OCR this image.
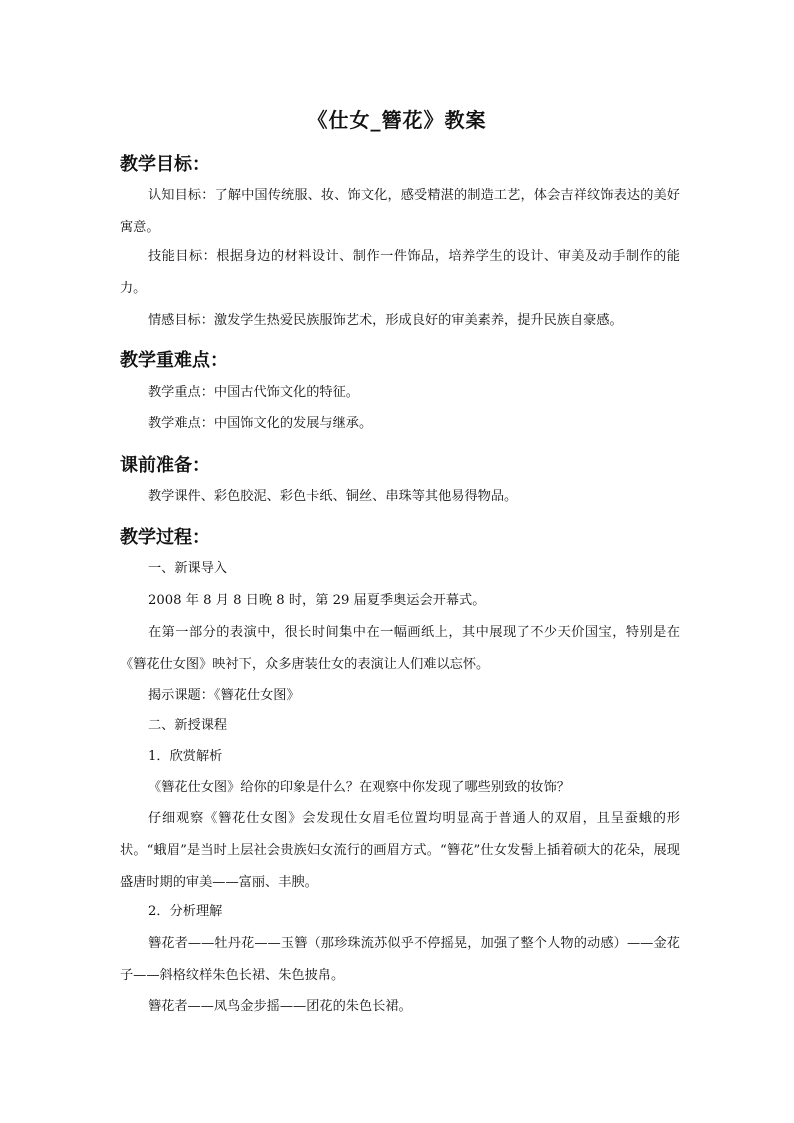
《仕女_簪花》教案
教学目标：
认知目标：了解中国传统服、妆、饰文化，感受精湛的制造工艺，体会吉祥纹饰表达的美好寓意。
技能目标：根据身边的材料设计、制作一件饰品，培养学生的设计、审美及动手制作的能力。
情感目标：激发学生热爱民族服饰艺术，形成良好的审美素养，提升民族自豪感。
教学重难点：
教学重点：中国古代饰文化的特征。
教学难点：中国饰文化的发展与继承。
课前准备：
教学课件、彩色胶泥、彩色卡纸、铜丝、串珠等其他易得物品。
教学过程：
一、新课导入
2008 年 8 月 8 日晚 8 时，第 29 届夏季奥运会开幕式。
在第一部分的表演中，很长时间集中在一幅画纸上，其中展现了不少天价国宝，特别是在《簪花仕女图》映衬下，众多唐装仕女的表演让人们难以忘怀。
揭示课题：《簪花仕女图》
二、新授课程
1．欣赏解析
《簪花仕女图》给你的印象是什么？在观察中你发现了哪些别致的妆饰？
仔细观察《簪花仕女图》会发现仕女眉毛位置均明显高于普通人的双眉，且呈蚕蛾的形状。“蛾眉”是当时上层社会贵族妇女流行的画眉方式。“簪花”仕女发髻上插着硕大的花朵，展现盛唐时期的审美——富丽、丰腴。
2．分析理解
簪花者——牡丹花——玉簪（那珍珠流苏似乎不停摇晃，加强了整个人物的动感）——金花子——斜格纹样朱色长裙、朱色披帛。
簪花者——凤鸟金步摇——团花的朱色长裙。
